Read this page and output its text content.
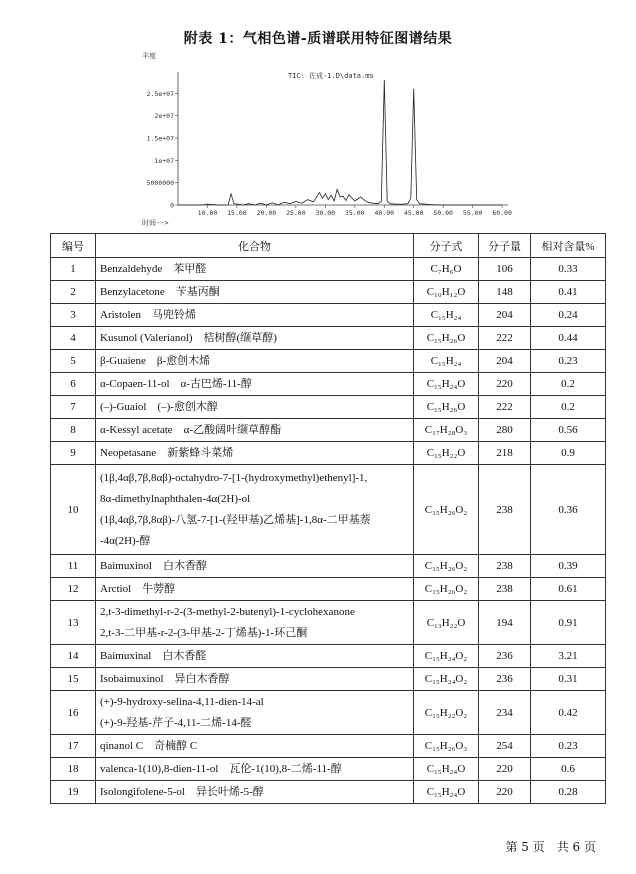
附表 1：气相色谱-质谱联用特征图谱结果
2.5e+07
2e+07
1.5e+07
1e+07
5000000
0
10.00 15.00 20.00 25.00 30.00 35.00 40.00 45.00 50.00 55.00 60.00
丰度
TIC: 佐成-1.D\data.ms
时间-->
编号	化合物	分子式	分子量	相对含量%
1	Benzaldehyde　苯甲醛	C₇H₆O	106	0.33
2	Benzylacetone　苄基丙酮	C₁₀H₁₂O	148	0.41
3	Aristolen　马兜铃烯	C₁₅H₂₄	204	0.24
4	Kusunol (Valerianol)　桔树醇(缬草醇)	C₁₅H₂₆O	222	0.44
5	β-Guaiene　β-愈创木烯	C₁₅H₂₄	204	0.23
6	α-Copaen-11-ol　α-古巴烯-11-醇	C₁₅H₂₄O	220	0.2
7	(–)-Guaiol　(–)-愈创木醇	C₁₅H₂₆O	222	0.2
8	α-Kessyl acetate　α-乙酸阔叶缬草醇酯	C₁₇H₂₈O₃	280	0.56
9	Neopetasane　新紫蜂斗菜烯	C₁₅H₂₂O	218	0.9
10	(1β,4αβ,7β,8αβ)-octahydro-7-[1-(hydroxymethyl)ethenyl]-1,
8α-dimethylnaphthalen-4α(2H)-ol
(1β,4αβ,7β,8αβ)-八氢-7-[1-(羟甲基)乙烯基]-1,8α-二甲基萘
-4α(2H)-醇	C₁₅H₂₆O₂	238	0.36
11	Baimuxinol　白木香醇	C₁₅H₂₆O₂	238	0.39
12	Arctiol　牛蒡醇	C₁₅H₂₆O₂	238	0.61
13	2,t-3-dimethyl-r-2-(3-methyl-2-butenyl)-1-cyclohexanone
2,t-3-二甲基-r-2-(3-甲基-2-丁烯基)-1-环己酮	C₁₃H₂₂O	194	0.91
14	Baimuxinal　白木香醛	C₁₅H₂₄O₂	236	3.21
15	Isobaimuxinol　异白木香醇	C₁₅H₂₄O₂	236	0.31
16	(+)-9-hydroxy-selina-4,11-dien-14-al
(+)-9-羟基-芹子-4,11-二烯-14-醛	C₁₅H₂₂O₂	234	0.42
17	qinanol C　奇楠醇 C	C₁₅H₂₆O₃	254	0.23
18	valenca-1(10),8-dien-11-ol　瓦伦-1(10),8-二烯-11-醇	C₁₅H₂₄O	220	0.6
19	Isolongifolene-5-ol　异长叶烯-5-醇	C₁₅H₂₄O	220	0.28
第 5 页　共 6 页
